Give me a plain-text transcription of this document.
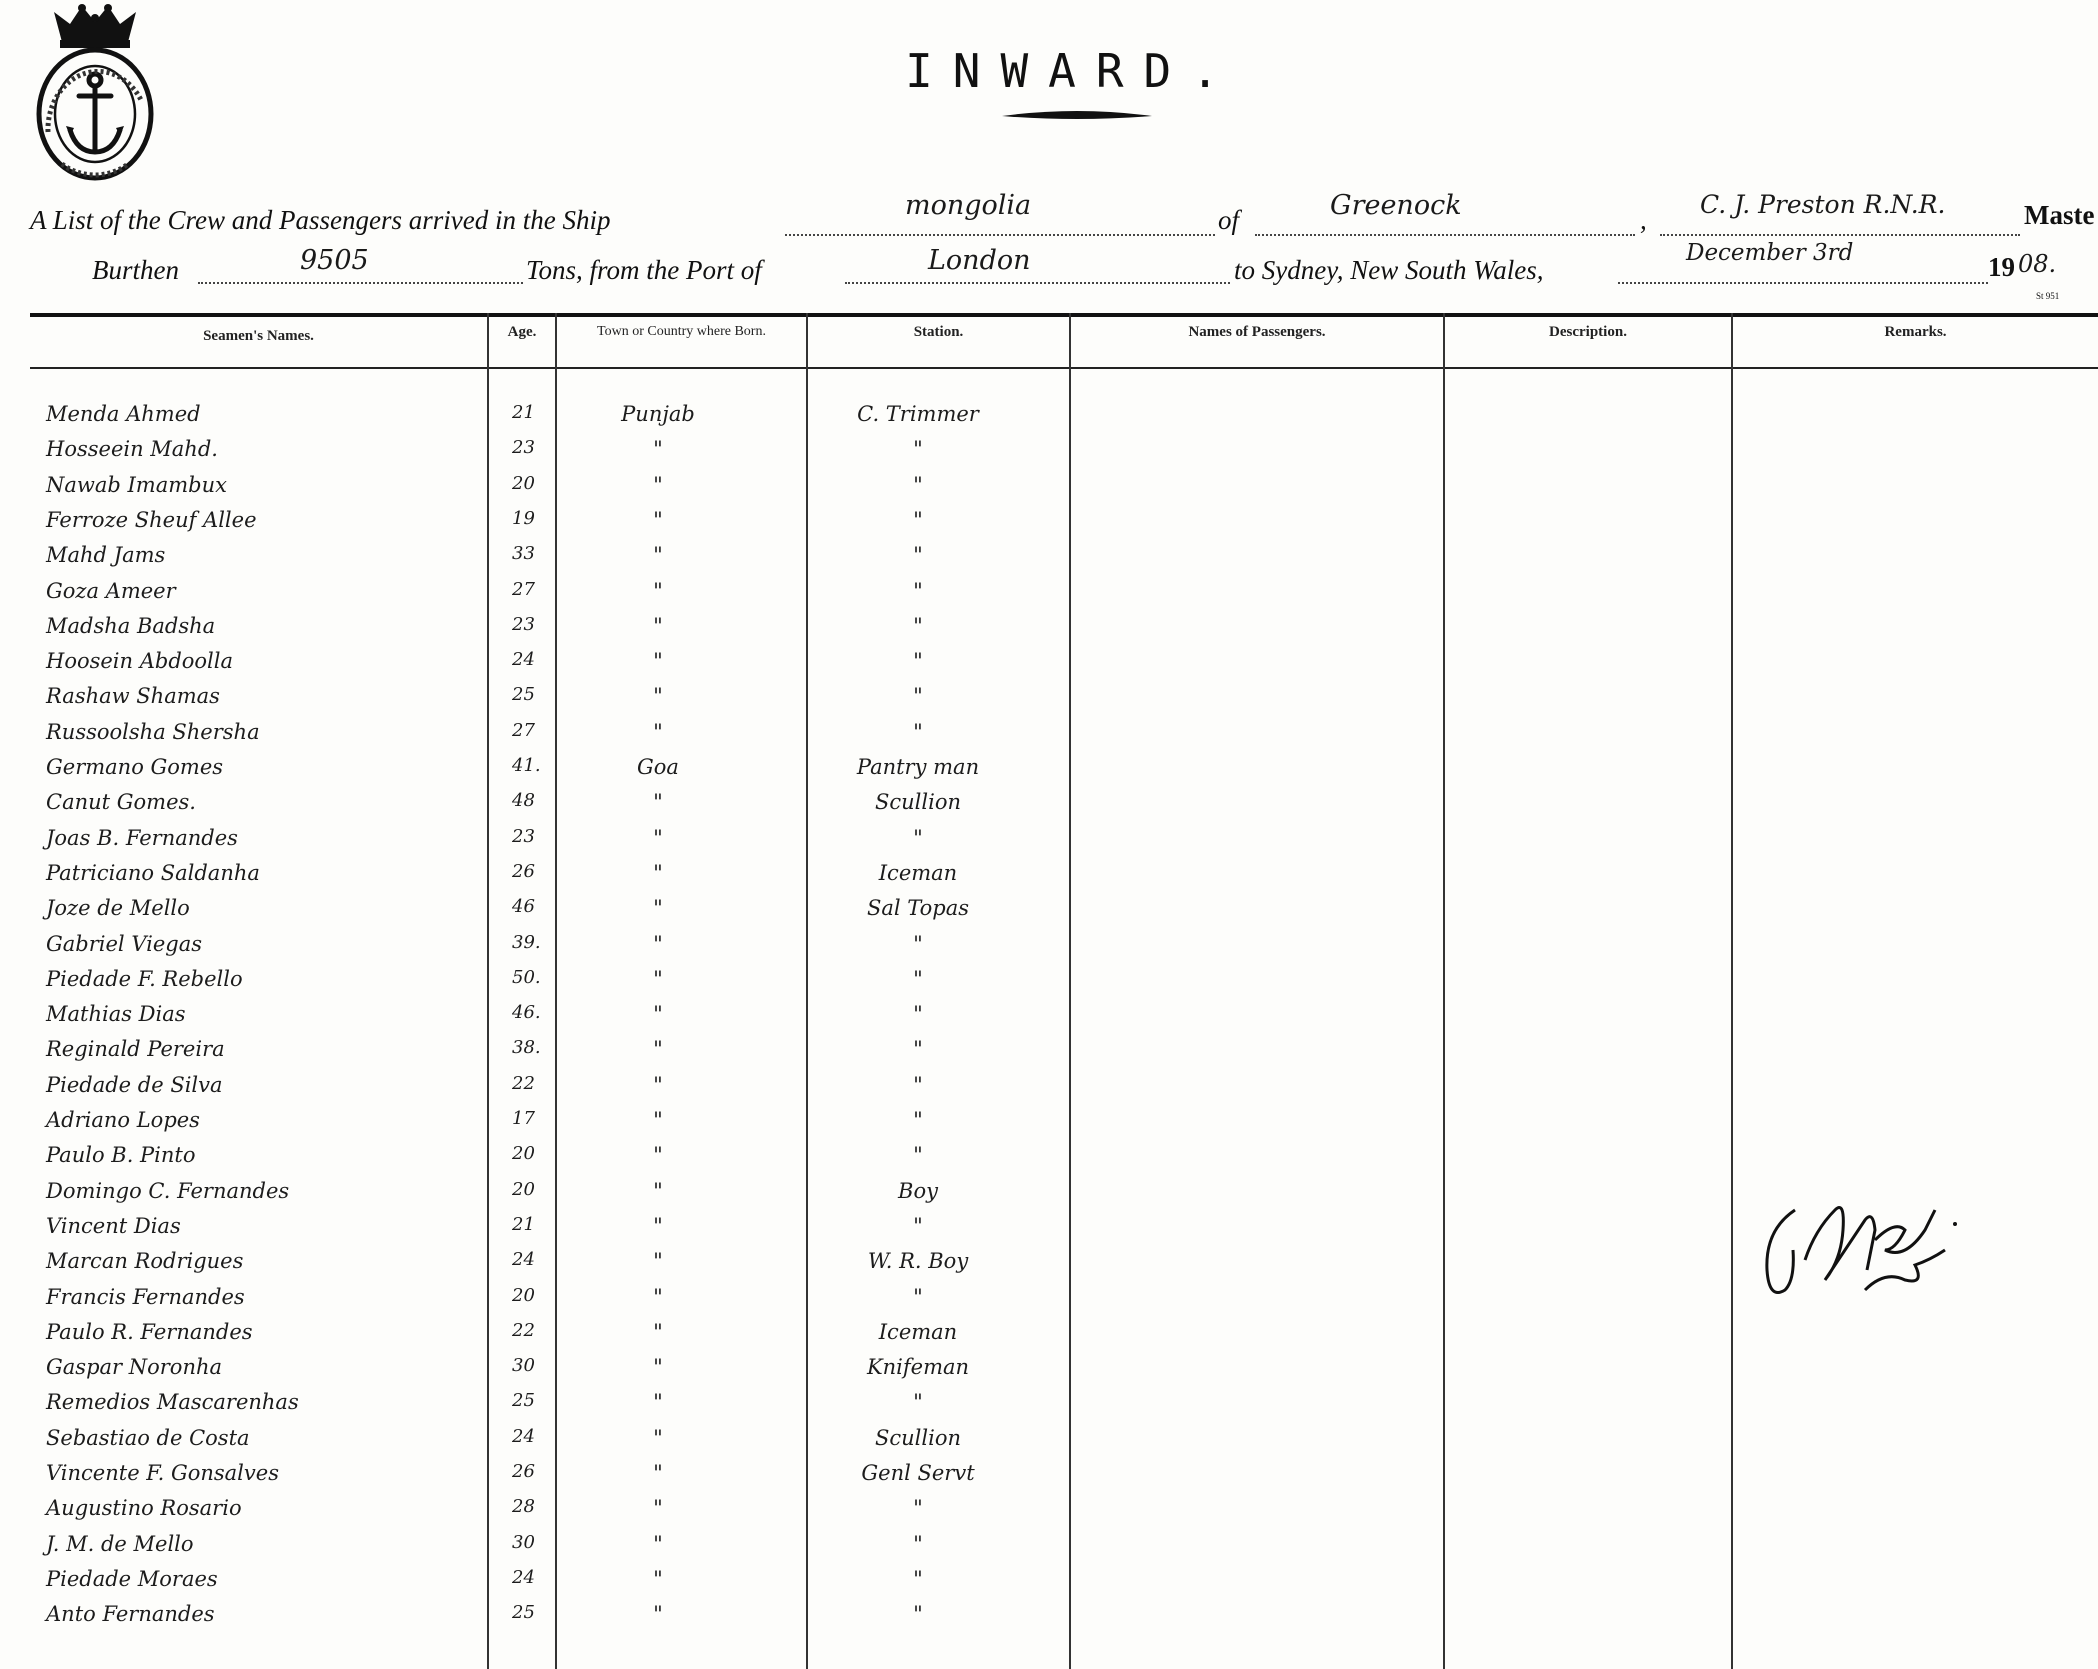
INWARD.
A List of the Crew and Passengers arrived in the Ship	mongolia	of	Greenock	,
C. J. Preston R.N.R.	Maste
Burthen	9505	Tons, from the Port of	London	to Sydney, New South Wales,
December 3rd	19 08.
St 951
Seamen's Names.	Age.	Town or Country where Born.	Station.	Names of Passengers.	Description.	Remarks.
Menda Ahmed	21	Punjab	C. Trimmer
Hosseein Mahd.	23	"	"
Nawab Imambux	20	"	"
Ferroze Sheuf Allee	19	"	"
Mahd Jams	33	"	"
Goza Ameer	27	"	"
Madsha Badsha	23	"	"
Hoosein Abdoolla	24	"	"
Rashaw Shamas	25	"	"
Russoolsha Shersha	27	"	"
Germano Gomes	41.	Goa	Pantry man
Canut Gomes.	48	"	Scullion
Joas B. Fernandes	23	"	"
Patriciano Saldanha	26	"	Iceman
Joze de Mello	46	"	Sal Topas
Gabriel Viegas	39.	"	"
Piedade F. Rebello	50.	"	"
Mathias Dias	46.	"	"
Reginald Pereira	38.	"	"
Piedade de Silva	22	"	"
Adriano Lopes	17	"	"
Paulo B. Pinto	20	"	"
Domingo C. Fernandes	20	"	Boy
Vincent Dias	21	"	"
Marcan Rodrigues	24	"	W. R. Boy
Francis Fernandes	20	"	"
Paulo R. Fernandes	22	"	Iceman
Gaspar Noronha	30	"	Knifeman
Remedios Mascarenhas	25	"	"
Sebastiao de Costa	24	"	Scullion
Vincente F. Gonsalves	26	"	Genl Servt
Augustino Rosario	28	"	"
J. M. de Mello	30	"	"
Piedade Moraes	24	"	"
Anto Fernandes	25	"	"
